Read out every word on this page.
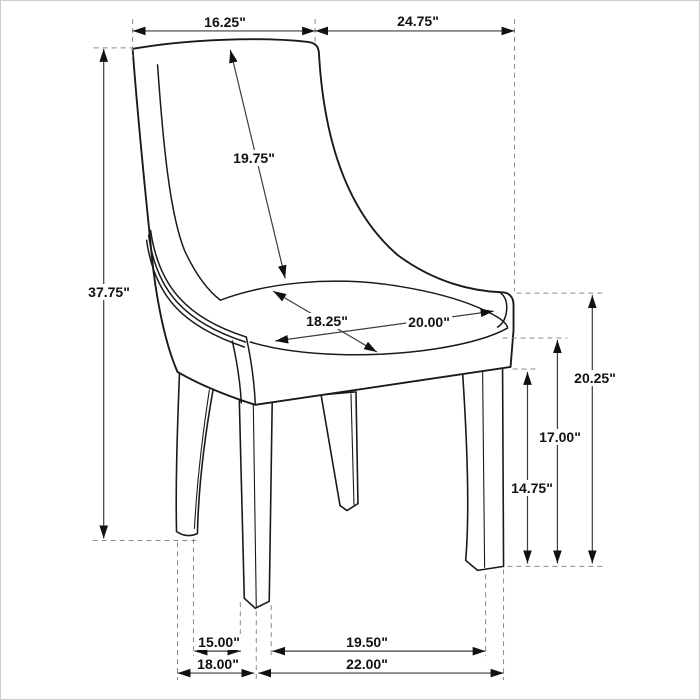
16.25"	24.75"
37.75"
19.75"
18.25"	20.00"
20.25"
17.00"
14.75"
15.00"	19.50"
18.00"	22.00"
